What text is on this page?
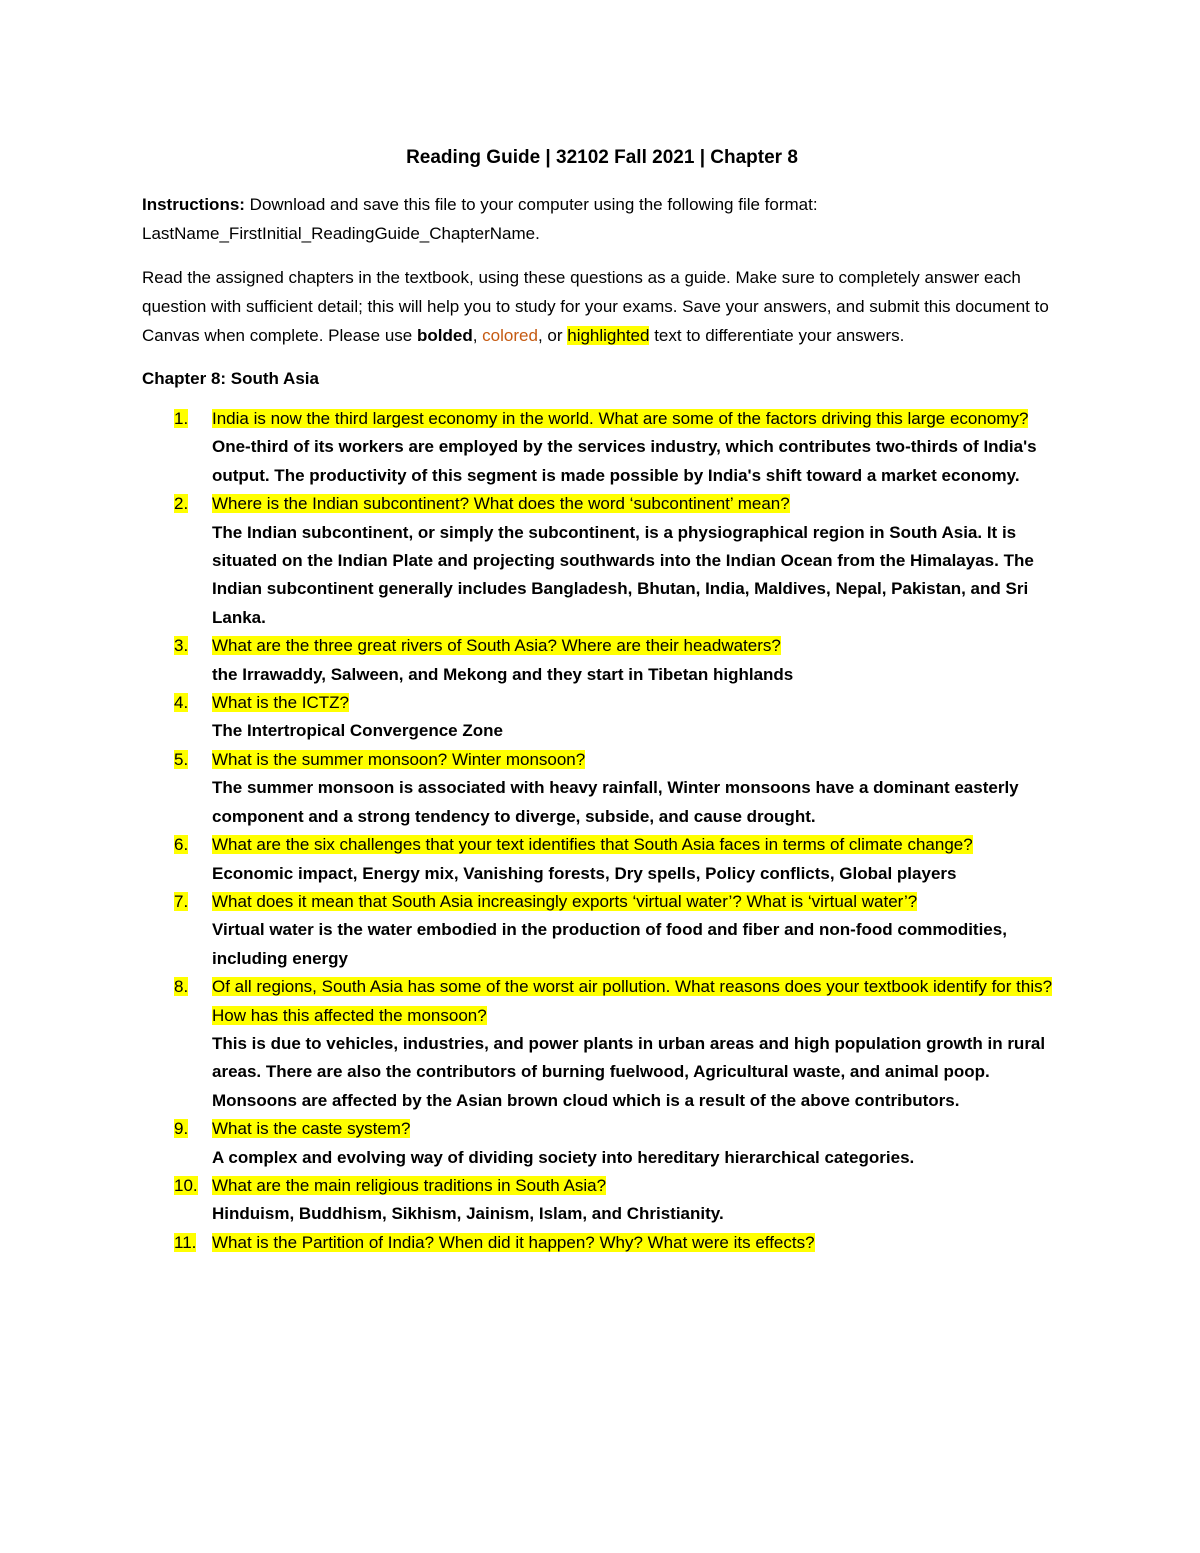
Reading Guide | 32102 Fall 2021 | Chapter 8

Instructions: Download and save this file to your computer using the following file format: LastName_FirstInitial_ReadingGuide_ChapterName.

Read the assigned chapters in the textbook, using these questions as a guide. Make sure to completely answer each question with sufficient detail; this will help you to study for your exams. Save your answers, and submit this document to Canvas when complete. Please use bolded, colored, or highlighted text to differentiate your answers.

Chapter 8: South Asia
1. India is now the third largest economy in the world. What are some of the factors driving this large economy?
One-third of its workers are employed by the services industry, which contributes two-thirds of India's output. The productivity of this segment is made possible by India's shift toward a market economy.
2. Where is the Indian subcontinent? What does the word ‘subcontinent’ mean?
The Indian subcontinent, or simply the subcontinent, is a physiographical region in South Asia. It is situated on the Indian Plate and projecting southwards into the Indian Ocean from the Himalayas. The Indian subcontinent generally includes Bangladesh, Bhutan, India, Maldives, Nepal, Pakistan, and Sri Lanka.
3. What are the three great rivers of South Asia? Where are their headwaters?
the Irrawaddy, Salween, and Mekong and they start in Tibetan highlands
4. What is the ICTZ?
The Intertropical Convergence Zone
5. What is the summer monsoon? Winter monsoon?
The summer monsoon is associated with heavy rainfall, Winter monsoons have a dominant easterly component and a strong tendency to diverge, subside, and cause drought.
6. What are the six challenges that your text identifies that South Asia faces in terms of climate change?
Economic impact, Energy mix, Vanishing forests, Dry spells, Policy conflicts, Global players
7. What does it mean that South Asia increasingly exports ‘virtual water’? What is ‘virtual water’?
Virtual water is the water embodied in the production of food and fiber and non-food commodities, including energy
8. Of all regions, South Asia has some of the worst air pollution. What reasons does your textbook identify for this? How has this affected the monsoon?
This is due to vehicles, industries, and power plants in urban areas and high population growth in rural areas. There are also the contributors of burning fuelwood, Agricultural waste, and animal poop. Monsoons are affected by the Asian brown cloud which is a result of the above contributors.
9. What is the caste system?
A complex and evolving way of dividing society into hereditary hierarchical categories.
10. What are the main religious traditions in South Asia?
Hinduism, Buddhism, Sikhism, Jainism, Islam, and Christianity.
11. What is the Partition of India? When did it happen? Why? What were its effects?
